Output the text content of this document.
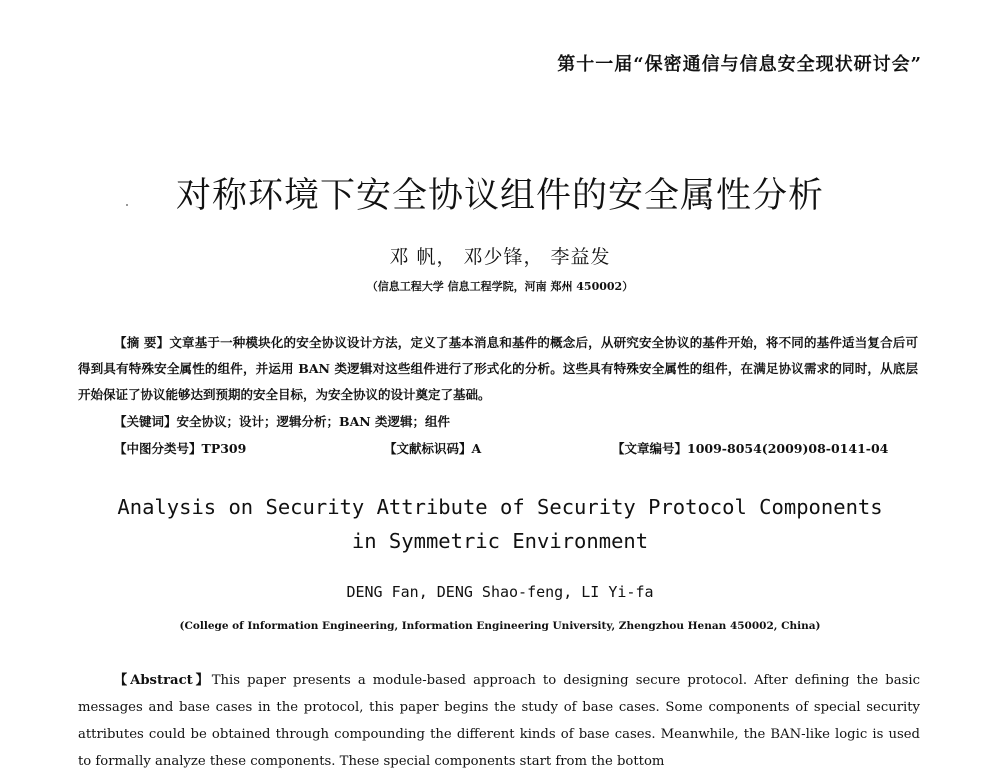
第十一届“保密通信与信息安全现状研讨会”
对称环境下安全协议组件的安全属性分析
邓 帆， 邓少锋， 李益发
（信息工程大学 信息工程学院，河南 郑州 450002）
【摘 要】文章基于一种模块化的安全协议设计方法，定义了基本消息和基件的概念后，从研究安全协议的基件开始，将不同的基件适当复合后可得到具有特殊安全属性的组件，并运用 BAN 类逻辑对这些组件进行了形式化的分析。这些具有特殊安全属性的组件，在满足协议需求的同时，从底层开始保证了协议能够达到预期的安全目标，为安全协议的设计奠定了基础。
【关键词】安全协议；设计；逻辑分析；BAN 类逻辑；组件
【中图分类号】TP309	【文献标识码】A	【文章编号】1009-8054(2009)08-0141-04
Analysis on Security Attribute of Security Protocol Components
in Symmetric Environment
DENG Fan, DENG Shao-feng, LI Yi-fa
(College of Information Engineering, Information Engineering University, Zhengzhou Henan 450002, China)
【Abstract】This paper presents a module-based approach to designing secure protocol. After defining the basic messages and base cases in the protocol, this paper begins the study of base cases. Some components of special security attributes could be obtained through compounding the different kinds of base cases. Meanwhile, the BAN-like logic is used to formally analyze these components. These special components start from the bottom
